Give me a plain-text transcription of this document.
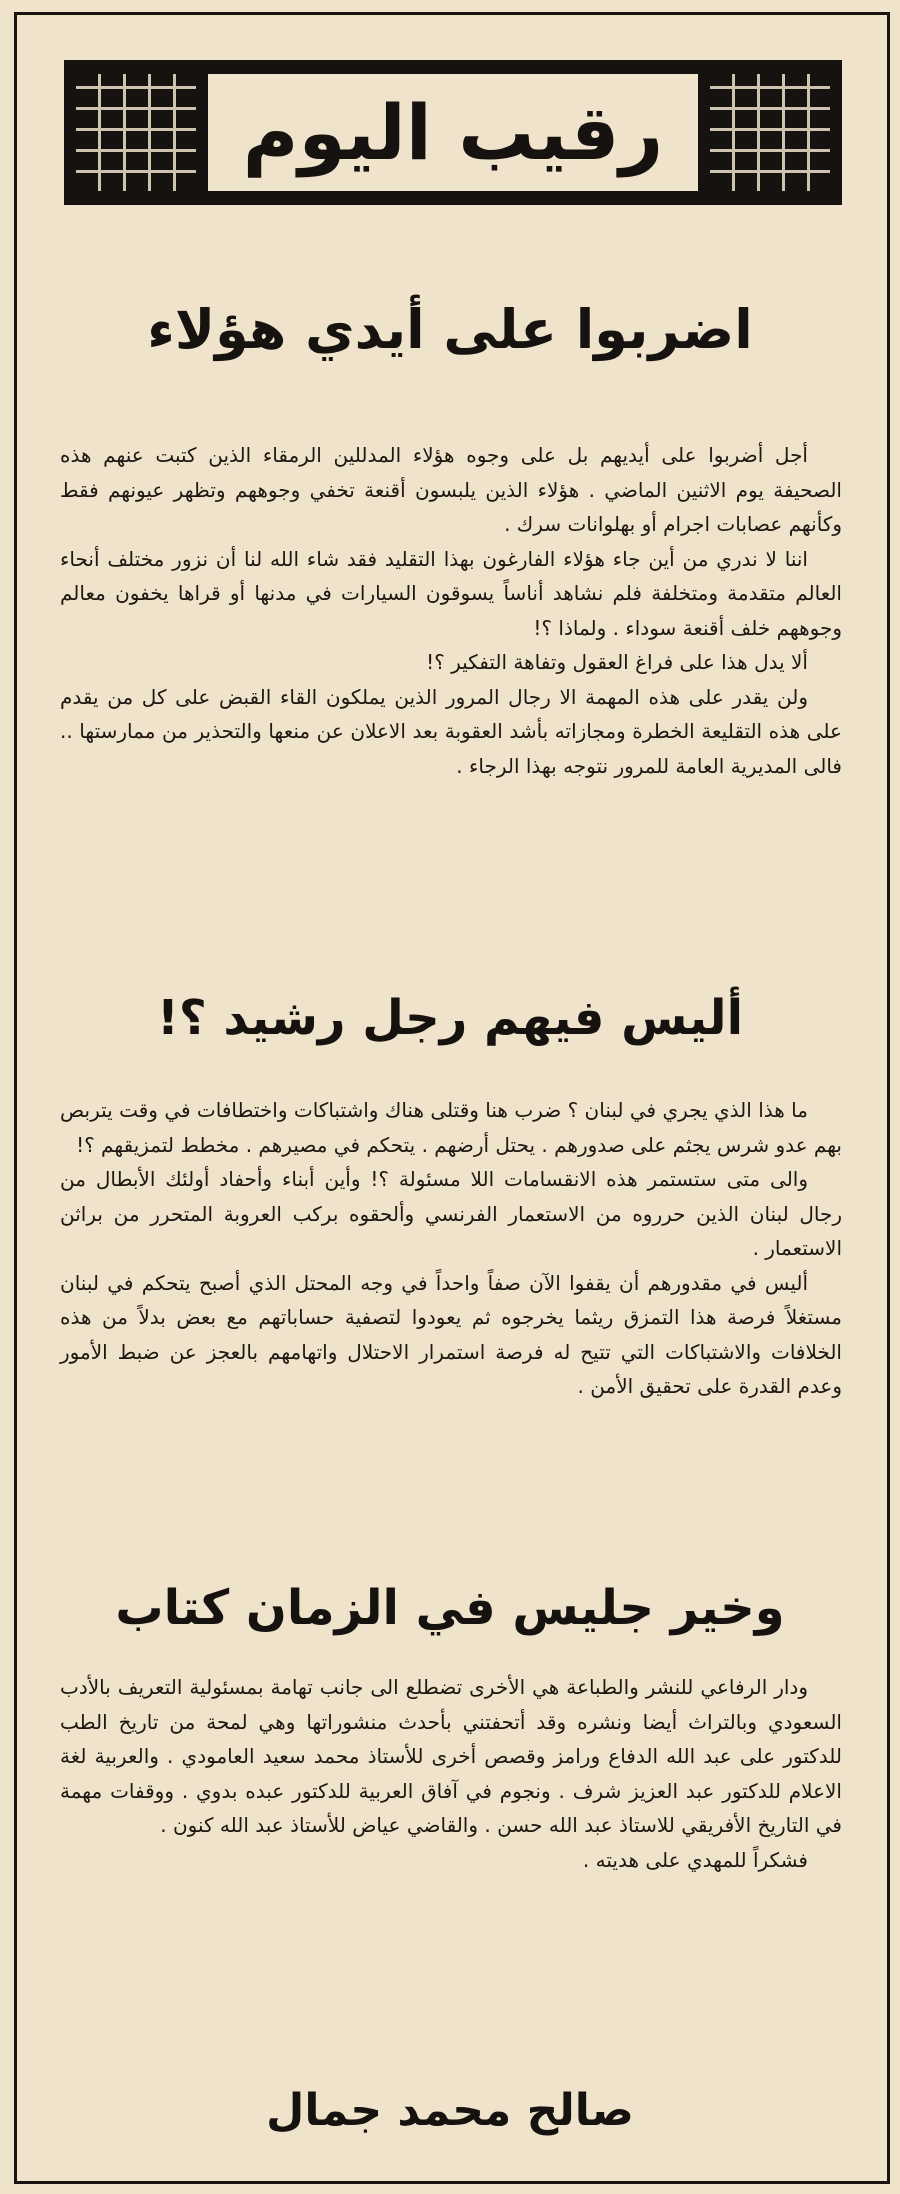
رقيب اليوم
اضربوا على أيدي هؤلاء

أجل أضربوا على أيديهم بل على وجوه هؤلاء المدللين الرمقاء الذين كتبت عنهم هذه الصحيفة يوم الاثنين الماضي . هؤلاء الذين يلبسون أقنعة تخفي وجوههم وتظهر عيونهم فقط وكأنهم عصابات اجرام أو بهلوانات سرك .

اننا لا ندري من أين جاء هؤلاء الفارغون بهذا التقليد فقد شاء الله لنا أن نزور مختلف أنحاء العالم متقدمة ومتخلفة فلم نشاهد أناساً يسوقون السيارات في مدنها أو قراها يخفون معالم وجوههم خلف أقنعة سوداء . ولماذا ؟!

ألا يدل هذا على فراغ العقول وتفاهة التفكير ؟!

ولن يقدر على هذه المهمة الا رجال المرور الذين يملكون القاء القبض على كل من يقدم على هذه التقليعة الخطرة ومجازاته بأشد العقوبة بعد الاعلان عن منعها والتحذير من ممارستها .. فالى المديرية العامة للمرور نتوجه بهذا الرجاء .

أليس فيهم رجل رشيد ؟!

ما هذا الذي يجري في لبنان ؟ ضرب هنا وقتلى هناك واشتباكات واختطافات في وقت يتربص بهم عدو شرس يجثم على صدورهم . يحتل أرضهم . يتحكم في مصيرهم . مخطط لتمزيقهم ؟!

والى متى ستستمر هذه الانقسامات اللا مسئولة ؟! وأين أبناء وأحفاد أولئك الأبطال من رجال لبنان الذين حرروه من الاستعمار الفرنسي وألحقوه بركب العروبة المتحرر من براثن الاستعمار .

أليس في مقدورهم أن يقفوا الآن صفاً واحداً في وجه المحتل الذي أصبح يتحكم في لبنان مستغلاً فرصة هذا التمزق ريثما يخرجوه ثم يعودوا لتصفية حساباتهم مع بعض بدلاً من هذه الخلافات والاشتباكات التي تتيح له فرصة استمرار الاحتلال واتهامهم بالعجز عن ضبط الأمور وعدم القدرة على تحقيق الأمن .

وخير جليس في الزمان كتاب

ودار الرفاعي للنشر والطباعة هي الأخرى تضطلع الى جانب تهامة بمسئولية التعريف بالأدب السعودي وبالتراث أيضا ونشره وقد أتحفتني بأحدث منشوراتها وهي لمحة من تاريخ الطب للدكتور على عبد الله الدفاع ورامز وقصص أخرى للأستاذ محمد سعيد العامودي . والعربية لغة الاعلام للدكتور عبد العزيز شرف . ونجوم في آفاق العربية للدكتور عبده بدوي . ووقفات مهمة في التاريخ الأفريقي للاستاذ عبد الله حسن . والقاضي عياض للأستاذ عبد الله كنون .

فشكراً للمهدي على هديته .

صالح محمد جمال
